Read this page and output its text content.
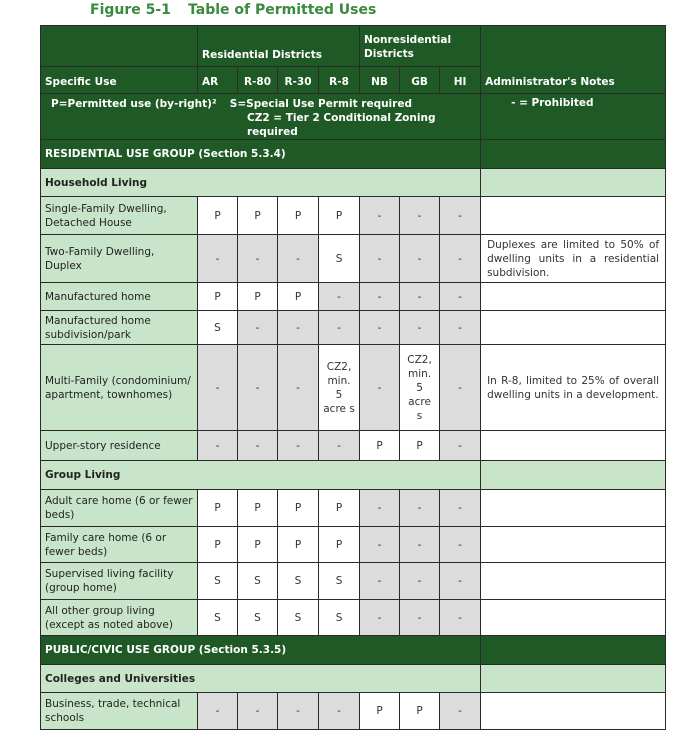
Figure 5-1 Table of Permitted Uses
	Residential Districts				Nonresidential Districts			Administrator's Notes
Specific Use	AR	R-80	R-30	R-8	NB	GB	HI	

P=Permitted use (by-right)² S=Special Use Permit required
CZ2 = Tier 2 Conditional Zoning required								- = Prohibited
RESIDENTIAL USE GROUP (Section 5.3.4)								
Household Living								
Single-Family Dwelling, Detached House	P	P	P	P	-	-	-	
Two-Family Dwelling, Duplex	-	-	-	S	-	-	-	Duplexes are limited to 50% of dwelling units in a residential subdivision.
Manufactured home	P	P	P	-	-	-	-	
Manufactured home subdivision/park	S	-	-	-	-	-	-	
Multi-Family (condominium/ apartment, townhomes)	-	-	-	CZ2, min. 5 acre s	-	CZ2, min. 5 acre s	-	In R-8, limited to 25% of overall dwelling units in a development.
Upper-story residence	-	-	-	-	P	P	-	
Group Living								
Adult care home (6 or fewer beds)	P	P	P	P	-	-	-	
Family care home (6 or fewer beds)	P	P	P	P	-	-	-	
Supervised living facility (group home)	S	S	S	S	-	-	-	
All other group living (except as noted above)	S	S	S	S	-	-	-	
PUBLIC/CIVIC USE GROUP (Section 5.3.5)								
Colleges and Universities								
Business, trade, technical schools	-	-	-	-	P	P	-	
